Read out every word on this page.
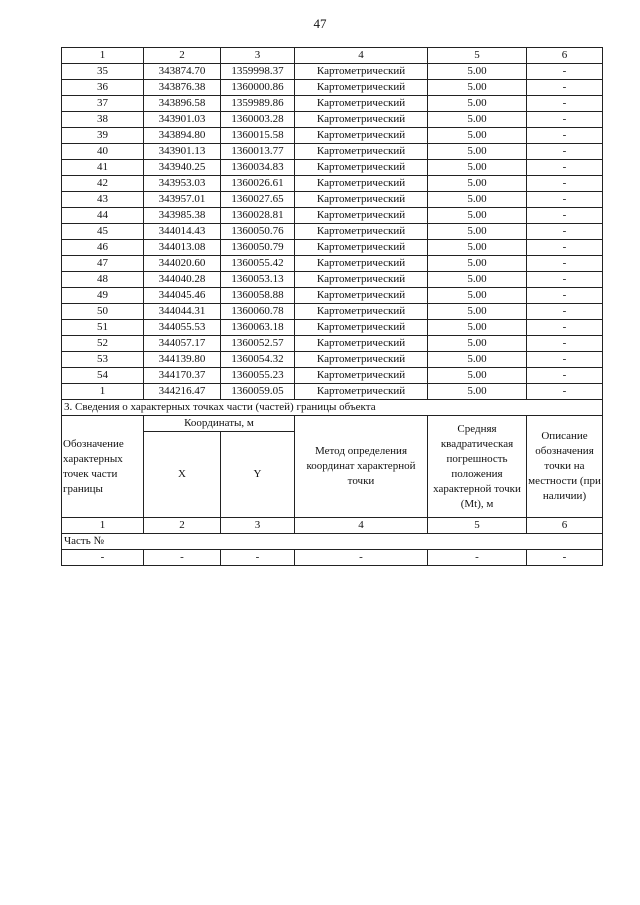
47
1	2	3	4	5	6
35	343874.70	1359998.37	Картометрический	5.00	-
36	343876.38	1360000.86	Картометрический	5.00	-
37	343896.58	1359989.86	Картометрический	5.00	-
38	343901.03	1360003.28	Картометрический	5.00	-
39	343894.80	1360015.58	Картометрический	5.00	-
40	343901.13	1360013.77	Картометрический	5.00	-
41	343940.25	1360034.83	Картометрический	5.00	-
42	343953.03	1360026.61	Картометрический	5.00	-
43	343957.01	1360027.65	Картометрический	5.00	-
44	343985.38	1360028.81	Картометрический	5.00	-
45	344014.43	1360050.76	Картометрический	5.00	-
46	344013.08	1360050.79	Картометрический	5.00	-
47	344020.60	1360055.42	Картометрический	5.00	-
48	344040.28	1360053.13	Картометрический	5.00	-
49	344045.46	1360058.88	Картометрический	5.00	-
50	344044.31	1360060.78	Картометрический	5.00	-
51	344055.53	1360063.18	Картометрический	5.00	-
52	344057.17	1360052.57	Картометрический	5.00	-
53	344139.80	1360054.32	Картометрический	5.00	-
54	344170.37	1360055.23	Картометрический	5.00	-
1	344216.47	1360059.05	Картометрический	5.00	-
3. Сведения о характерных точках части (частей) границы объекта					
Обозначение характерных точек части границы	Координаты, м		Метод определения координат характерной точки	Средняя квадратическая погрешность положения характерной точки (Mt), м	Описание обозначения точки на местности (при наличии)
	X	Y			
1	2	3	4	5	6
Часть №					
-	-	-	-	-	-
